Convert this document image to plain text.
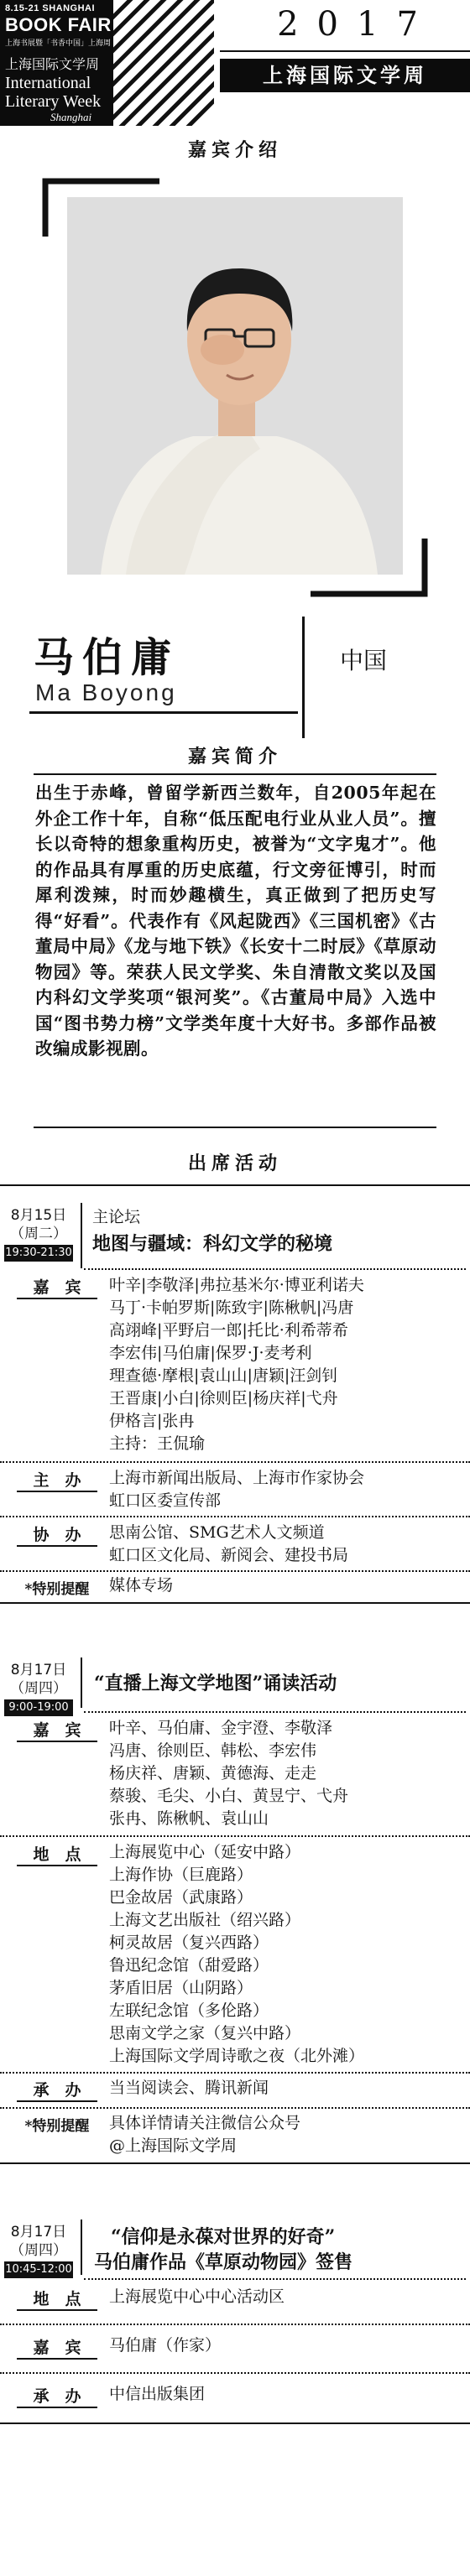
8.15-21 SHANGHAI
BOOK FAIR
上海书展暨「书香中国」上海周
上海国际文学周
International
Literary Week
Shanghai
2017
上海国际文学周
嘉宾介绍
马伯庸
Ma Boyong
中国
嘉宾简介
出生于赤峰，曾留学新西兰数年，自2005年起在外企工作十年，自称“低压配电行业从业人员”。擅长以奇特的想象重构历史，被誉为“文字鬼才”。他的作品具有厚重的历史底蕴，行文旁征博引，时而犀利泼辣，时而妙趣横生，真正做到了把历史写得“好看”。代表作有《风起陇西》《三国机密》《古董局中局》《龙与地下铁》《长安十二时辰》《草原动物园》等。荣获人民文学奖、朱自清散文奖以及国内科幻文学奖项“银河奖”。《古董局中局》入选中国“图书势力榜”文学类年度十大好书。多部作品被改编成影视剧。
出席活动
8月15日
（周二）
19:30-21:30
主论坛
地图与疆域：科幻文学的秘境
嘉　宾	叶辛|李敬泽|弗拉基米尔·博亚利诺夫
马丁·卡帕罗斯|陈致宇|陈楸帆|冯唐
高翊峰|平野启一郎|托比·利希蒂希
李宏伟|马伯庸|保罗·J·麦考利
理查德·摩根|袁山山|唐颖|汪剑钊
王晋康|小白|徐则臣|杨庆祥|弋舟
伊格言|张冉
主持：王侃瑜
主　办	上海市新闻出版局、上海市作家协会
虹口区委宣传部
协　办	思南公馆、SMG艺术人文频道
虹口区文化局、新阅会、建投书局
*特别提醒	媒体专场
8月17日
（周四）
9:00-19:00
“直播上海文学地图”诵读活动
嘉　宾	叶辛、马伯庸、金宇澄、李敬泽
冯唐、徐则臣、韩松、李宏伟
杨庆祥、唐颖、黄德海、走走
蔡骏、毛尖、小白、黄昱宁、弋舟
张冉、陈楸帆、袁山山
地　点	上海展览中心（延安中路）
上海作协（巨鹿路）
巴金故居（武康路）
上海文艺出版社（绍兴路）
柯灵故居（复兴西路）
鲁迅纪念馆（甜爱路）
茅盾旧居（山阴路）
左联纪念馆（多伦路）
思南文学之家（复兴中路）
上海国际文学周诗歌之夜（北外滩）
承　办	当当阅读会、腾讯新闻
*特别提醒	具体详情请关注微信公众号
@上海国际文学周
8月17日
（周四）
10:45-12:00
“信仰是永葆对世界的好奇”
马伯庸作品《草原动物园》签售
地　点	上海展览中心中心活动区
嘉　宾	马伯庸（作家）
承　办	中信出版集团
